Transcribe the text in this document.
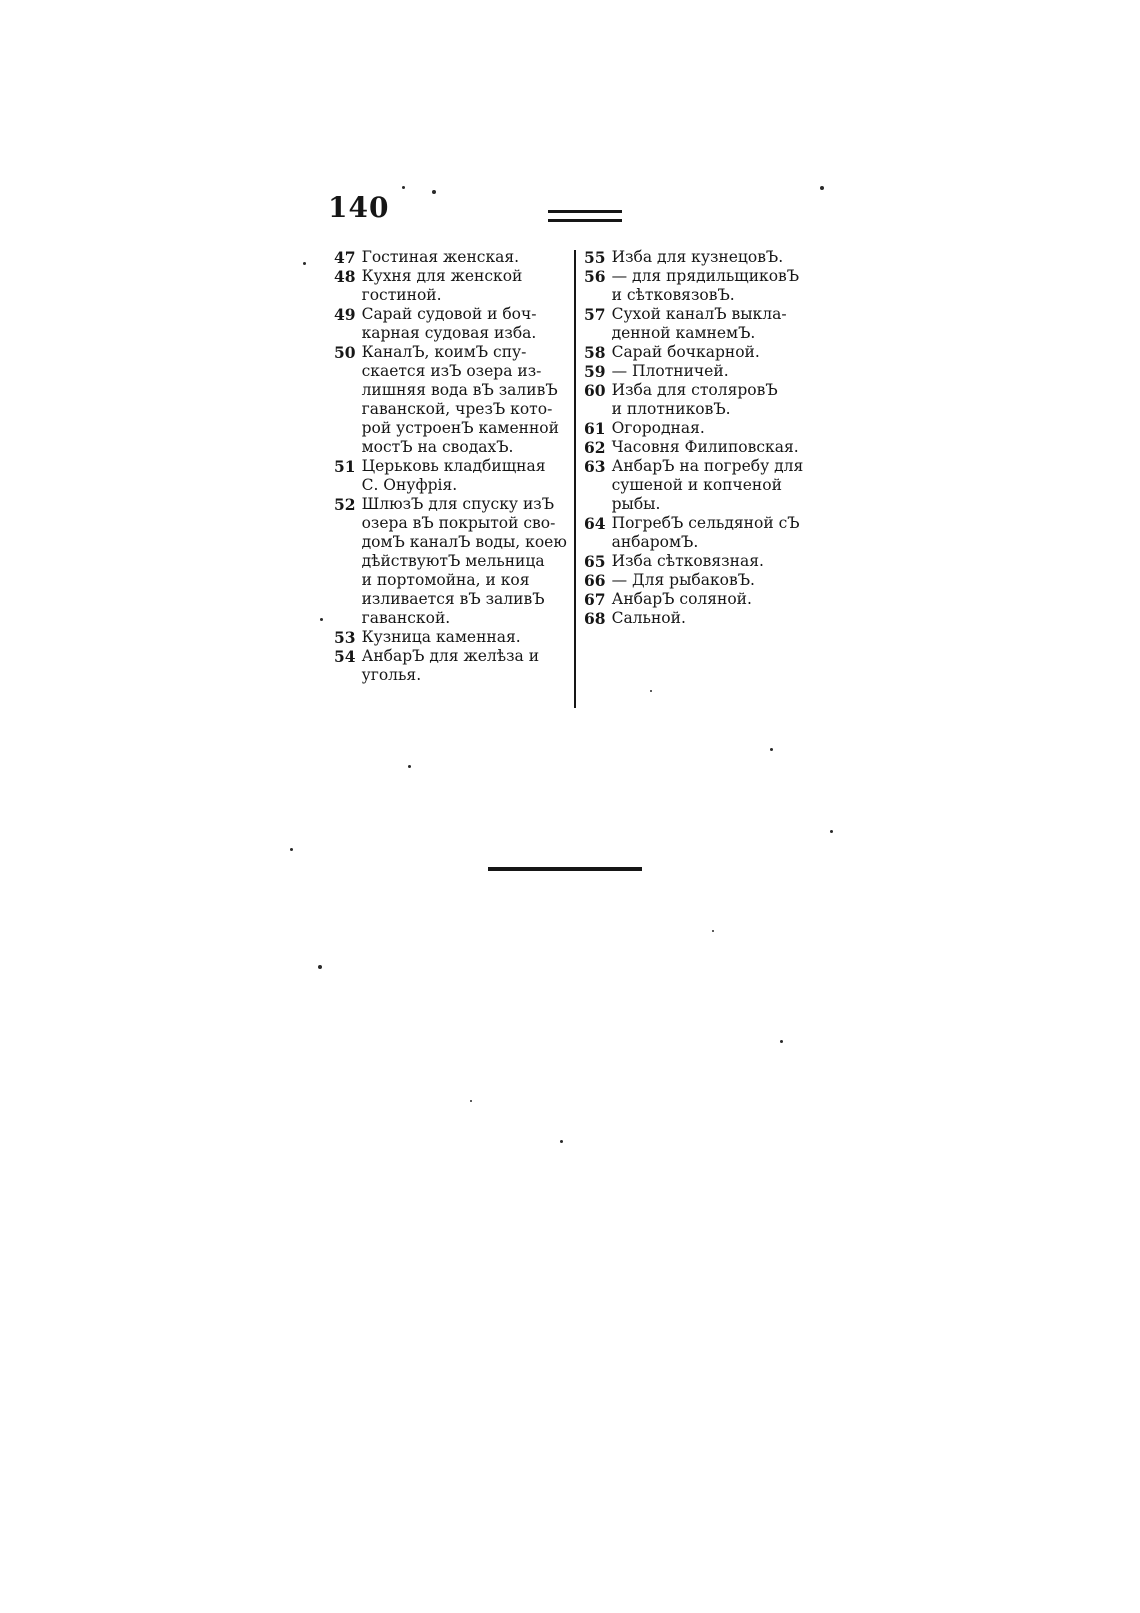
140
47 Гостиная женская.
48 Кухня для женской
гостиной.
49 Сарай судовой и боч-
карная судовая изба.
50 КаналЪ, коимЪ спу-
скается изЪ озера из-
лишняя вода вЪ заливЪ
гаванской, чрезЪ кото-
рой устроенЪ каменной
мостЪ на сводахЪ.
51 Церьковь кладбищная
С. Онуфрія.
52 ШлюзЪ для спуску изЪ
озера вЪ покрытой сво-
домЪ каналЪ воды, коею
дѣйствуютЪ мельница
и портомойна, и коя
изливается вЪ заливЪ
гаванской.
53 Кузница каменная.
54 АнбарЪ для желѣза и
уголья.
55 Изба для кузнецовЪ.
56 — для прядильщиковЪ
и сѣтковязовЪ.
57 Сухой каналЪ выкла-
денной камнемЪ.
58 Сарай бочкарной.
59 — Плотничей.
60 Изба для столяровЪ
и плотниковЪ.
61 Огородная.
62 Часовня Филиповская.
63 АнбарЪ на погребу для
сушеной и копченой
рыбы.
64 ПогребЪ сельдяной сЪ
анбаромЪ.
65 Изба сѣтковязная.
66 — Для рыбаковЪ.
67 АнбарЪ соляной.
68 Сальной.
